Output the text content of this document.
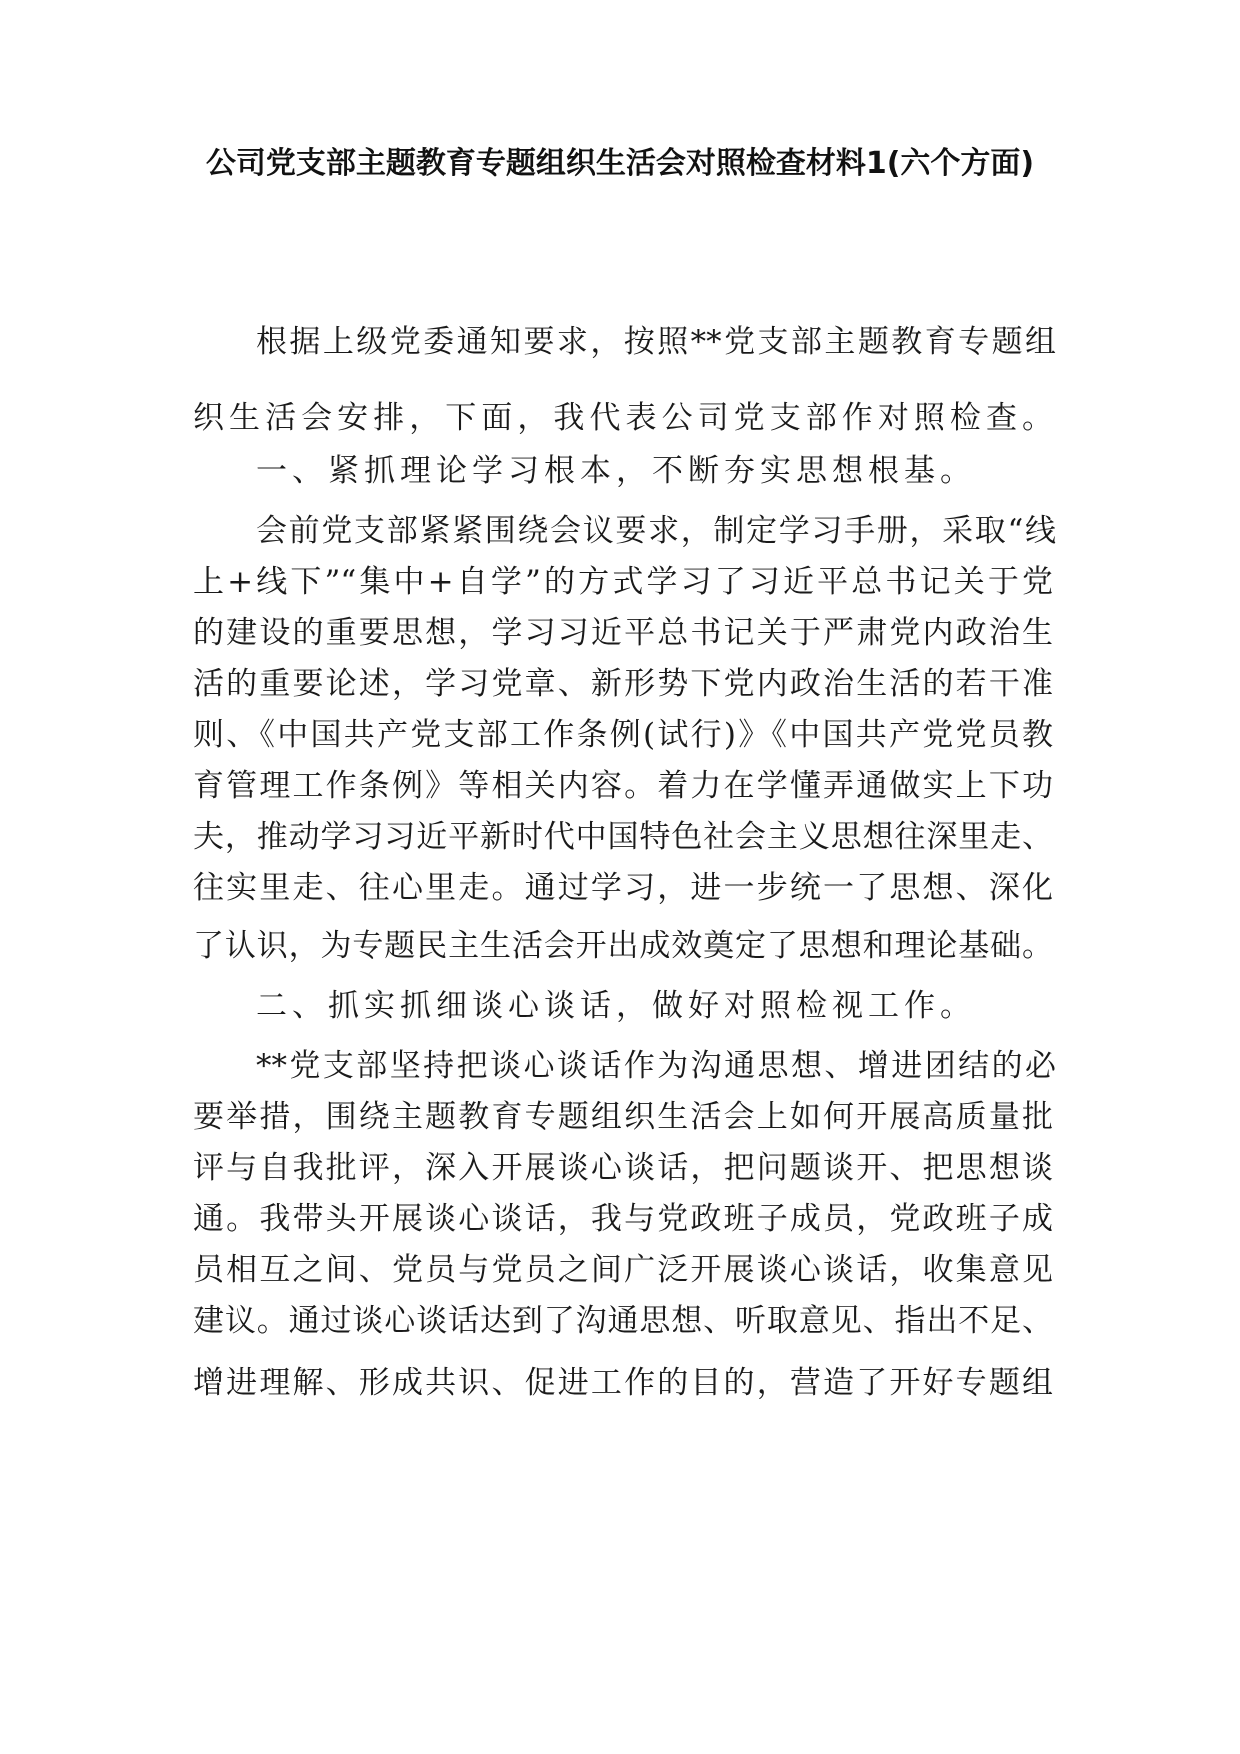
公司党支部主题教育专题组织生活会对照检查材料1(六个方面)
根据上级党委通知要求，按照**党支部主题教育专题组
织生活会安排，下面，我代表公司党支部作对照检查。
一、紧抓理论学习根本，不断夯实思想根基。
会前党支部紧紧围绕会议要求，制定学习手册，采取“线
上+线下”“集中+自学”的方式学习了习近平总书记关于党
的建设的重要思想，学习习近平总书记关于严肃党内政治生
活的重要论述，学习党章、新形势下党内政治生活的若干准
则、《中国共产党支部工作条例(试行)》《中国共产党党员教
育管理工作条例》等相关内容。着力在学懂弄通做实上下功
夫，推动学习习近平新时代中国特色社会主义思想往深里走、
往实里走、往心里走。通过学习，进一步统一了思想、深化
了认识，为专题民主生活会开出成效奠定了思想和理论基础。
二、抓实抓细谈心谈话，做好对照检视工作。
**党支部坚持把谈心谈话作为沟通思想、增进团结的必
要举措，围绕主题教育专题组织生活会上如何开展高质量批
评与自我批评，深入开展谈心谈话，把问题谈开、把思想谈
通。我带头开展谈心谈话，我与党政班子成员，党政班子成
员相互之间、党员与党员之间广泛开展谈心谈话，收集意见
建议。通过谈心谈话达到了沟通思想、听取意见、指出不足、
增进理解、形成共识、促进工作的目的，营造了开好专题组
